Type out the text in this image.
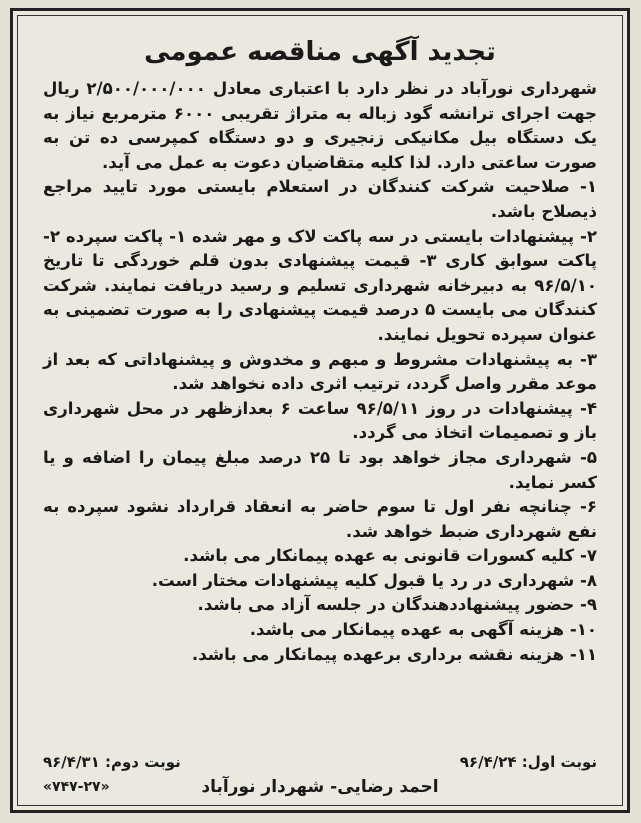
تجدید آگهی مناقصه عمومی

شهرداری نورآباد در نظر دارد با اعتباری معادل ۲/۵۰۰/۰۰۰/۰۰۰ ریال جهت اجرای ترانشه گود زباله به متراژ تقریبی ۶۰۰۰ مترمربع نیاز به یک دستگاه بیل مکانیکی زنجیری و دو دستگاه کمپرسی ده تن به صورت ساعتی دارد. لذا کلیه متقاضیان دعوت به عمل می آید.

۱- صلاحیت شرکت کنندگان در استعلام بایستی مورد تایید مراجع ذیصلاح باشد.

۲- پیشنهادات بایستی در سه پاکت لاک و مهر شده ۱- پاکت سپرده ۲- پاکت سوابق کاری ۳- قیمت پیشنهادی بدون قلم خوردگی تا تاریخ ۹۶/۵/۱۰ به دبیرخانه شهرداری تسلیم و رسید دریافت نمایند. شرکت کنندگان می بایست ۵ درصد قیمت پیشنهادی را به صورت تضمینی به عنوان سپرده تحویل نمایند.

۳- به پیشنهادات مشروط و مبهم و مخدوش و پیشنهاداتی که بعد از موعد مقرر واصل گردد، ترتیب اثری داده نخواهد شد.

۴- پیشنهادات در روز ۹۶/۵/۱۱ ساعت ۶ بعدازظهر در محل شهرداری باز و تصمیمات اتخاذ می گردد.

۵- شهرداری مجاز خواهد بود تا ۲۵ درصد مبلغ پیمان را اضافه و یا کسر نماید.

۶- چنانچه نفر اول تا سوم حاضر به انعقاد قرارداد نشود سپرده به نفع شهرداری ضبط خواهد شد.

۷- کلیه کسورات قانونی به عهده پیمانکار می باشد.

۸- شهرداری در رد یا قبول کلیه پیشنهادات مختار است.

۹- حضور پیشنهاددهندگان در جلسه آزاد می باشد.

۱۰- هزینه آگهی به عهده پیمانکار می باشد.

۱۱- هزینه نقشه برداری برعهده پیمانکار می باشد.

نوبت اول: ۹۶/۴/۲۴
نوبت دوم: ۹۶/۴/۳۱
احمد رضایی- شهردار نورآباد
«۷۴۷-۲۷»
